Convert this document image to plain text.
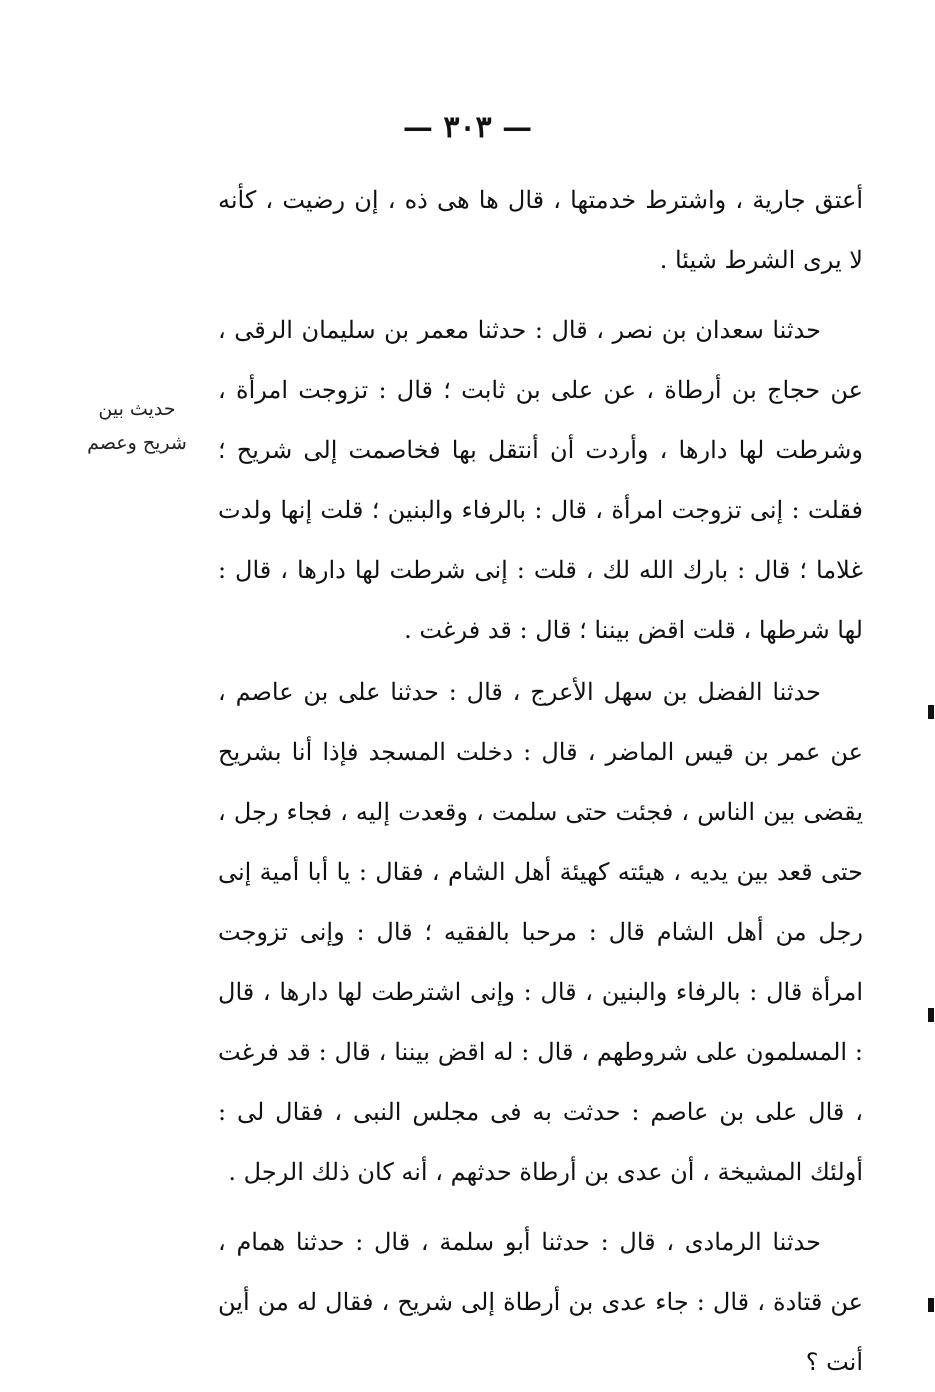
— ٣٠٣ —
حديث بين
شريح وعصم

أعتق جارية ، واشترط خدمتها ، قال ها هى ذه ، إن رضيت ، كأنه لا يرى الشرط شيئا .

حدثنا سعدان بن نصر ، قال : حدثنا معمر بن سليمان الرقى ، عن حجاج بن أرطاة ، عن على بن ثابت ؛ قال : تزوجت امرأة ، وشرطت لها دارها ، وأردت أن أنتقل بها فخاصمت إلى شريح ؛ فقلت : إنى تزوجت امرأة ، قال : بالرفاء والبنين ؛ قلت إنها ولدت غلاما ؛ قال : بارك الله لك ، قلت : إنى شرطت لها دارها ، قال : لها شرطها ، قلت اقض بيننا ؛ قال : قد فرغت .

حدثنا الفضل بن سهل الأعرج ، قال : حدثنا على بن عاصم ، عن عمر بن قيس الماضر ، قال : دخلت المسجد فإذا أنا بشريح يقضى بين الناس ، فجئت حتى سلمت ، وقعدت إليه ، فجاء رجل ، حتى قعد بين يديه ، هيئته كهيئة أهل الشام ، فقال : يا أبا أمية إنى رجل من أهل الشام قال : مرحبا بالفقيه ؛ قال : وإنى تزوجت امرأة قال : بالرفاء والبنين ، قال : وإنى اشترطت لها دارها ، قال : المسلمون على شروطهم ، قال : له اقض بيننا ، قال : قد فرغت ، قال على بن عاصم : حدثت به فى مجلس النبى ، فقال لى : أولئك المشيخة ، أن عدى بن أرطاة حدثهم ، أنه كان ذلك الرجل .

حدثنا الرمادى ، قال : حدثنا أبو سلمة ، قال : حدثنا همام ، عن قتادة ، قال : جاء عدى بن أرطاة إلى شريح ، فقال له من أين أنت ؟
